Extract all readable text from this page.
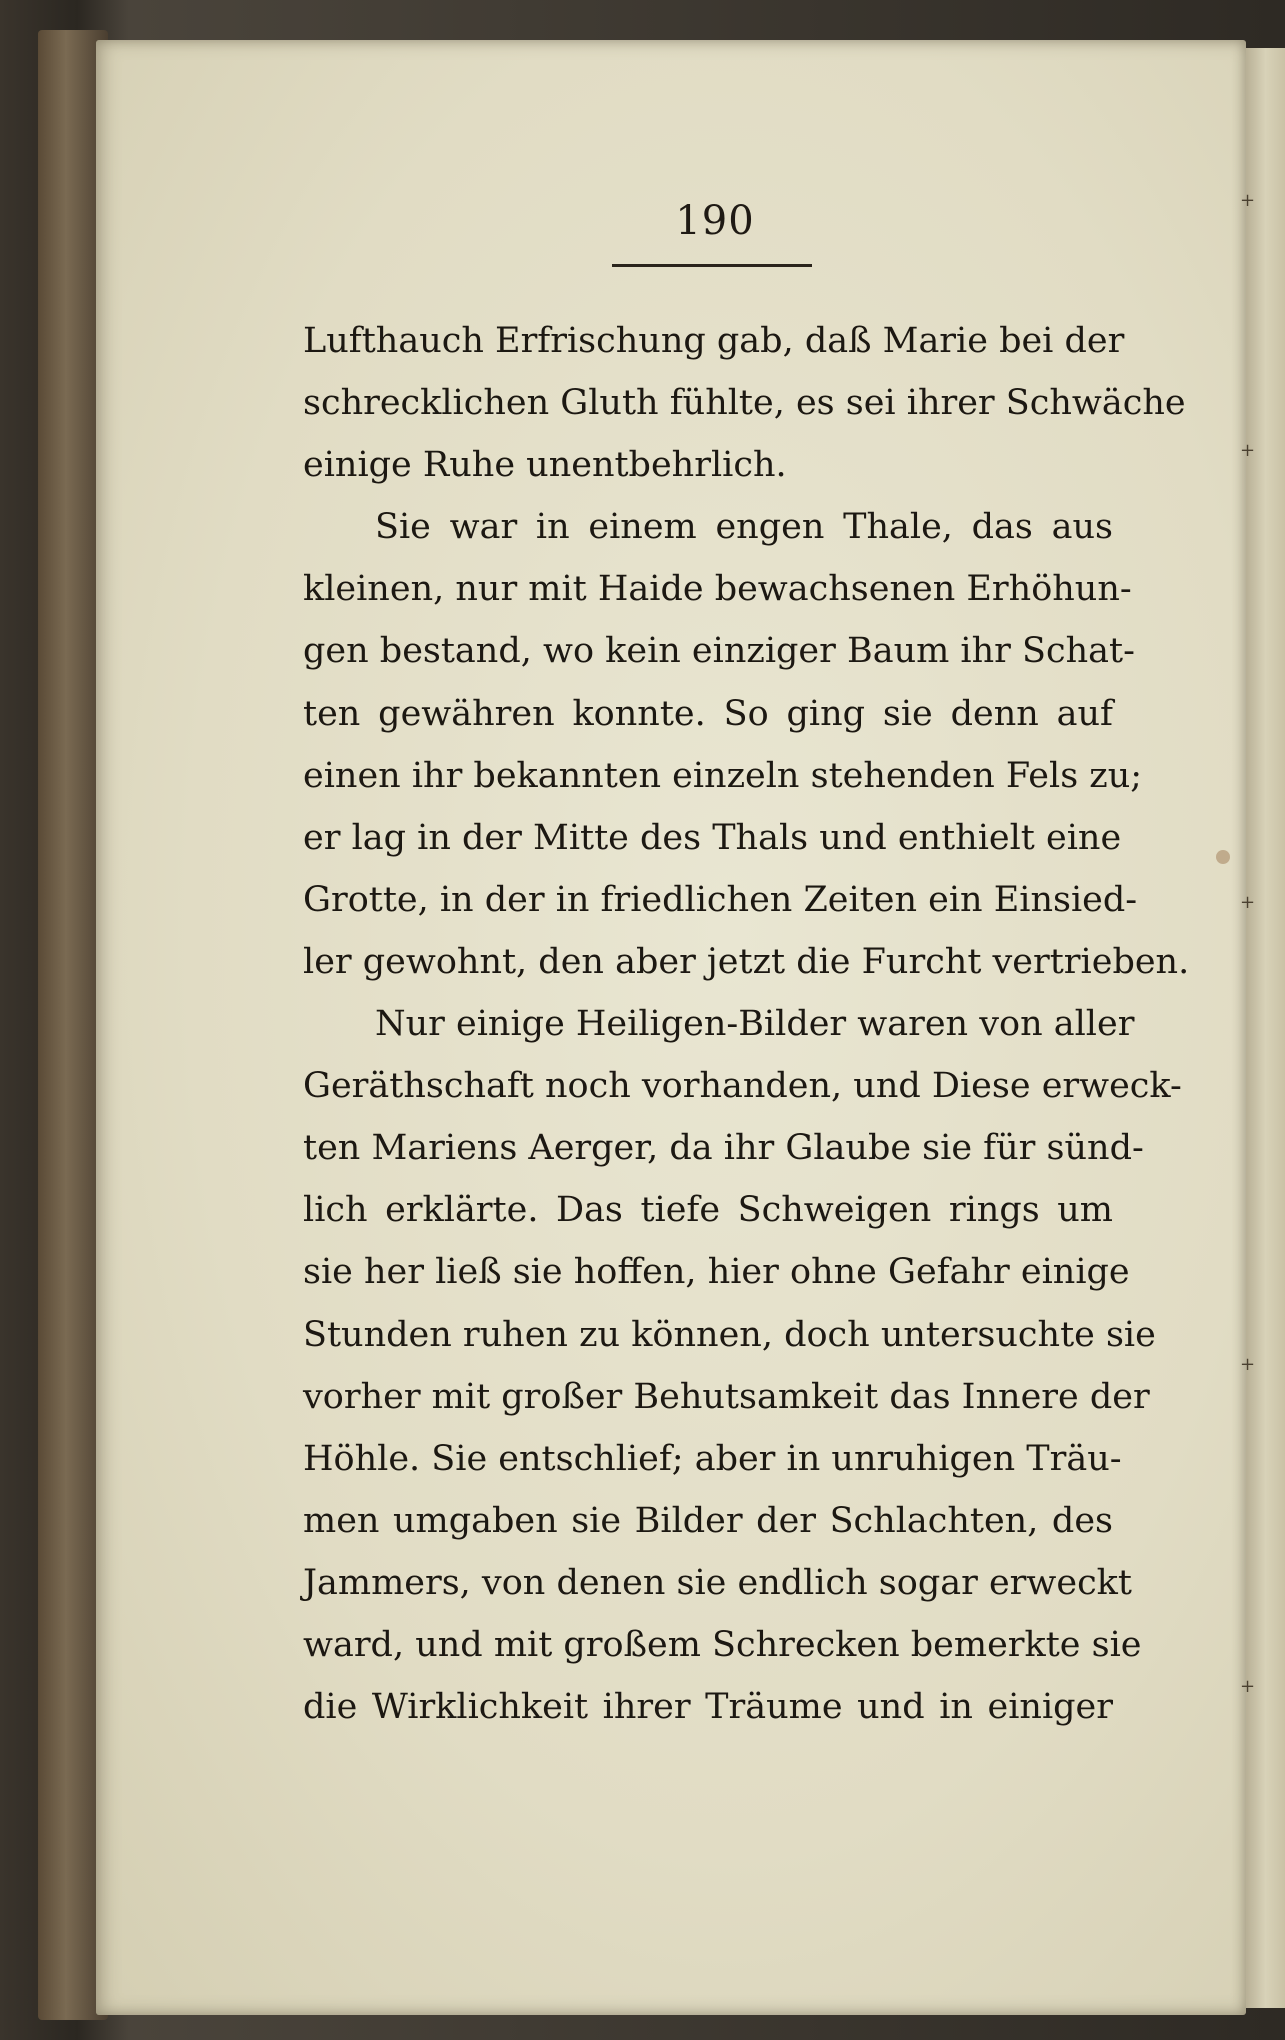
+
+
+
+
+
190
Lufthauch Erfrischung gab, daß Marie bei der
schrecklichen Gluth fühlte, es sei ihrer Schwäche
einige Ruhe unentbehrlich.
Sie war in einem engen Thale, das aus
kleinen, nur mit Haide bewachsenen Erhöhun-
gen bestand, wo kein einziger Baum ihr Schat-
ten gewähren konnte. So ging sie denn auf
einen ihr bekannten einzeln stehenden Fels zu;
er lag in der Mitte des Thals und enthielt eine
Grotte, in der in friedlichen Zeiten ein Einsied-
ler gewohnt, den aber jetzt die Furcht vertrieben.
Nur einige Heiligen-Bilder waren von aller
Geräthschaft noch vorhanden, und Diese erweck-
ten Mariens Aerger, da ihr Glaube sie für sünd-
lich erklärte. Das tiefe Schweigen rings um
sie her ließ sie hoffen, hier ohne Gefahr einige
Stunden ruhen zu können, doch untersuchte sie
vorher mit großer Behutsamkeit das Innere der
Höhle. Sie entschlief; aber in unruhigen Träu-
men umgaben sie Bilder der Schlachten, des
Jammers, von denen sie endlich sogar erweckt
ward, und mit großem Schrecken bemerkte sie
die Wirklichkeit ihrer Träume und in einiger
